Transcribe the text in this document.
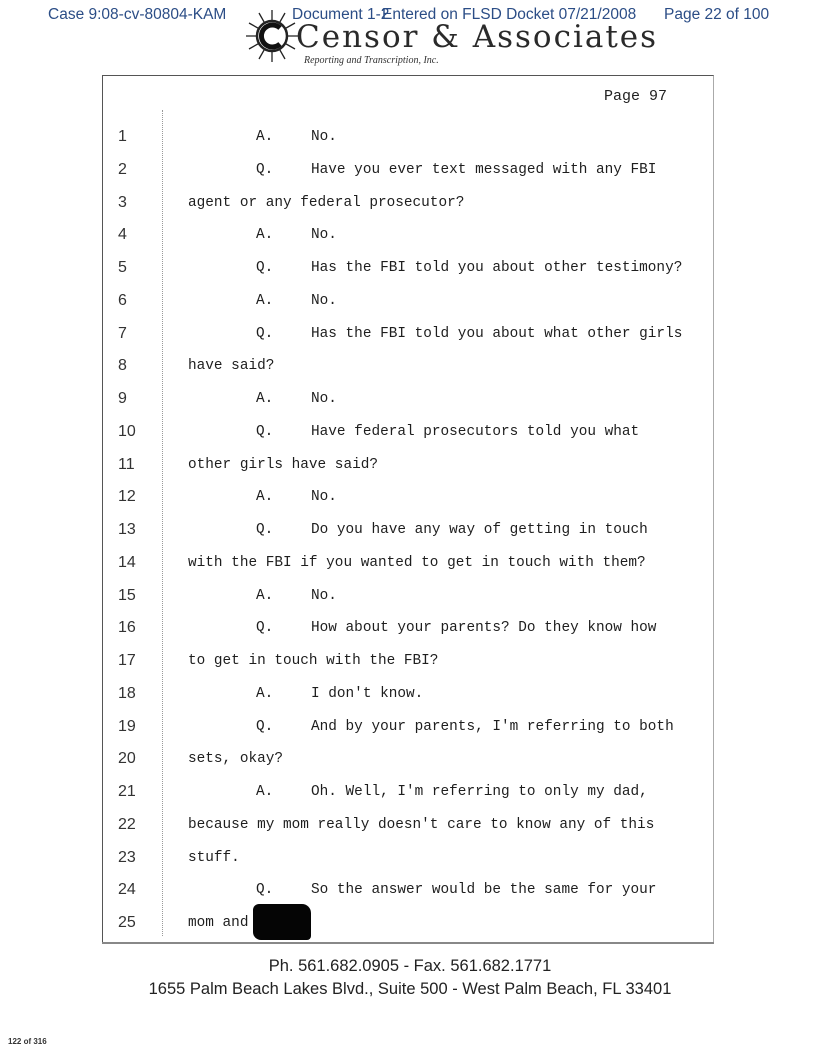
Case 9:08-cv-80804-KAM	Document 1-2
Entered on FLSD Docket 07/21/2008 Page 22 of 100
Censor & Associates
Reporting and Transcription, Inc.
Page 97
1	A.	No.
2	Q.	Have you ever text messaged with any FBI
3	agent or any federal prosecutor?
4	A.	No.
5	Q.	Has the FBI told you about other testimony?
6	A.	No.
7	Q.	Has the FBI told you about what other girls
8	have said?
9	A.	No.
10	Q.	Have federal prosecutors told you what
11	other girls have said?
12	A.	No.
13	Q.	Do you have any way of getting in touch
14	with the FBI if you wanted to get in touch with them?
15	A.	No.
16	Q.	How about your parents? Do they know how
17	to get in touch with the FBI?
18	A.	I don't know.
19	Q.	And by your parents, I'm referring to both
20	sets, okay?
21	A.	Oh. Well, I'm referring to only my dad,
22	because my mom really doesn't care to know any of this
23	stuff.
24	Q.	So the answer would be the same for your
25	mom and
Ph. 561.682.0905 - Fax. 561.682.1771
1655 Palm Beach Lakes Blvd., Suite 500 - West Palm Beach, FL 33401
122 of 316
